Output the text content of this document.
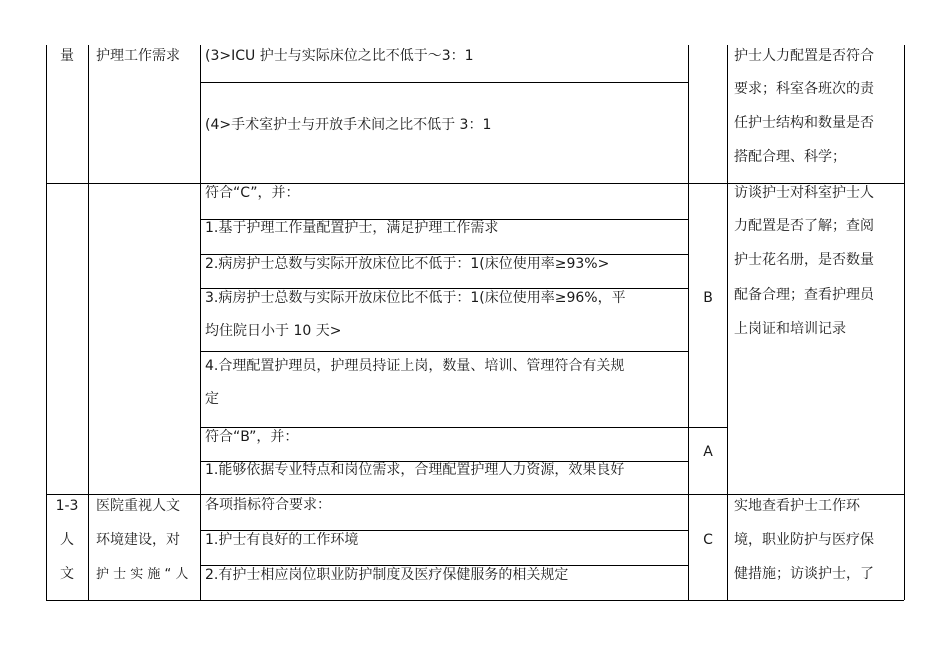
量 护理工作需求 (3>ICU 护士与实际床位之比不低于～3：1
(4>手术室护士与开放手术间之比不低于 3：1
护士人力配置是否符合
要求；科室各班次的责
任护士结构和数量是否
搭配合理、科学；
符合“C”，并：
1.基于护理工作量配置护士，满足护理工作需求
2.病房护士总数与实际开放床位比不低于：1(床位使用率≥93%>
3.病房护士总数与实际开放床位比不低于：1(床位使用率≥96%，平
均住院日小于 10 天>
4.合理配置护理员，护理员持证上岗，数量、培训、管理符合有关规
定
B
访谈护士对科室护士人
力配置是否了解；查阅
护士花名册，是否数量
配备合理；查看护理员
上岗证和培训记录
符合“B”，并：
1.能够依据专业特点和岗位需求，合理配置护理人力资源，效果良好
A
1-3
人
文
医院重视人文
环境建设，对
护 士 实 施 “ 人
各项指标符合要求：
1.护士有良好的工作环境
2.有护士相应岗位职业防护制度及医疗保健服务的相关规定
C
实地查看护士工作环
境，职业防护与医疗保
健措施；访谈护士，了
